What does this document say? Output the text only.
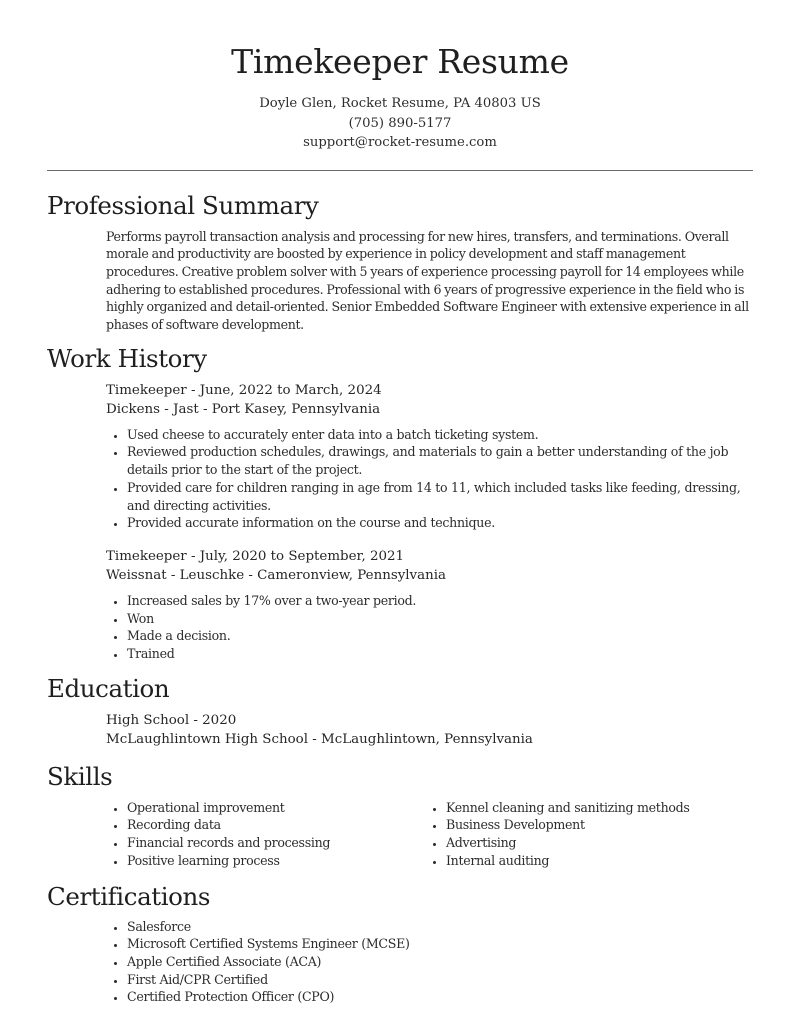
Timekeeper Resume
Doyle Glen, Rocket Resume, PA 40803 US
(705) 890-5177
support@rocket-resume.com
Professional Summary

Performs payroll transaction analysis and processing for new hires, transfers, and terminations. Overall morale and productivity are boosted by experience in policy development and staff management procedures. Creative problem solver with 5 years of experience processing payroll for 14 employees while adhering to established procedures. Professional with 6 years of progressive experience in the field who is highly organized and detail-oriented. Senior Embedded Software Engineer with extensive experience in all phases of software development.

Work History
Timekeeper - June, 2022 to March, 2024
Dickens - Jast - Port Kasey, Pennsylvania
• Used cheese to accurately enter data into a batch ticketing system.
• Reviewed production schedules, drawings, and materials to gain a better understanding of the job details prior to the start of the project.
• Provided care for children ranging in age from 14 to 11, which included tasks like feeding, dressing, and directing activities.
• Provided accurate information on the course and technique.
Timekeeper - July, 2020 to September, 2021
Weissnat - Leuschke - Cameronview, Pennsylvania
• Increased sales by 17% over a two-year period.
• Won
• Made a decision.
• Trained
Education
High School - 2020
McLaughlintown High School - McLaughlintown, Pennsylvania
Skills
• Operational improvement
• Recording data
• Financial records and processing
• Positive learning process
• Kennel cleaning and sanitizing methods
• Business Development
• Advertising
• Internal auditing
Certifications
• Salesforce
• Microsoft Certified Systems Engineer (MCSE)
• Apple Certified Associate (ACA)
• First Aid/CPR Certified
• Certified Protection Officer (CPO)
